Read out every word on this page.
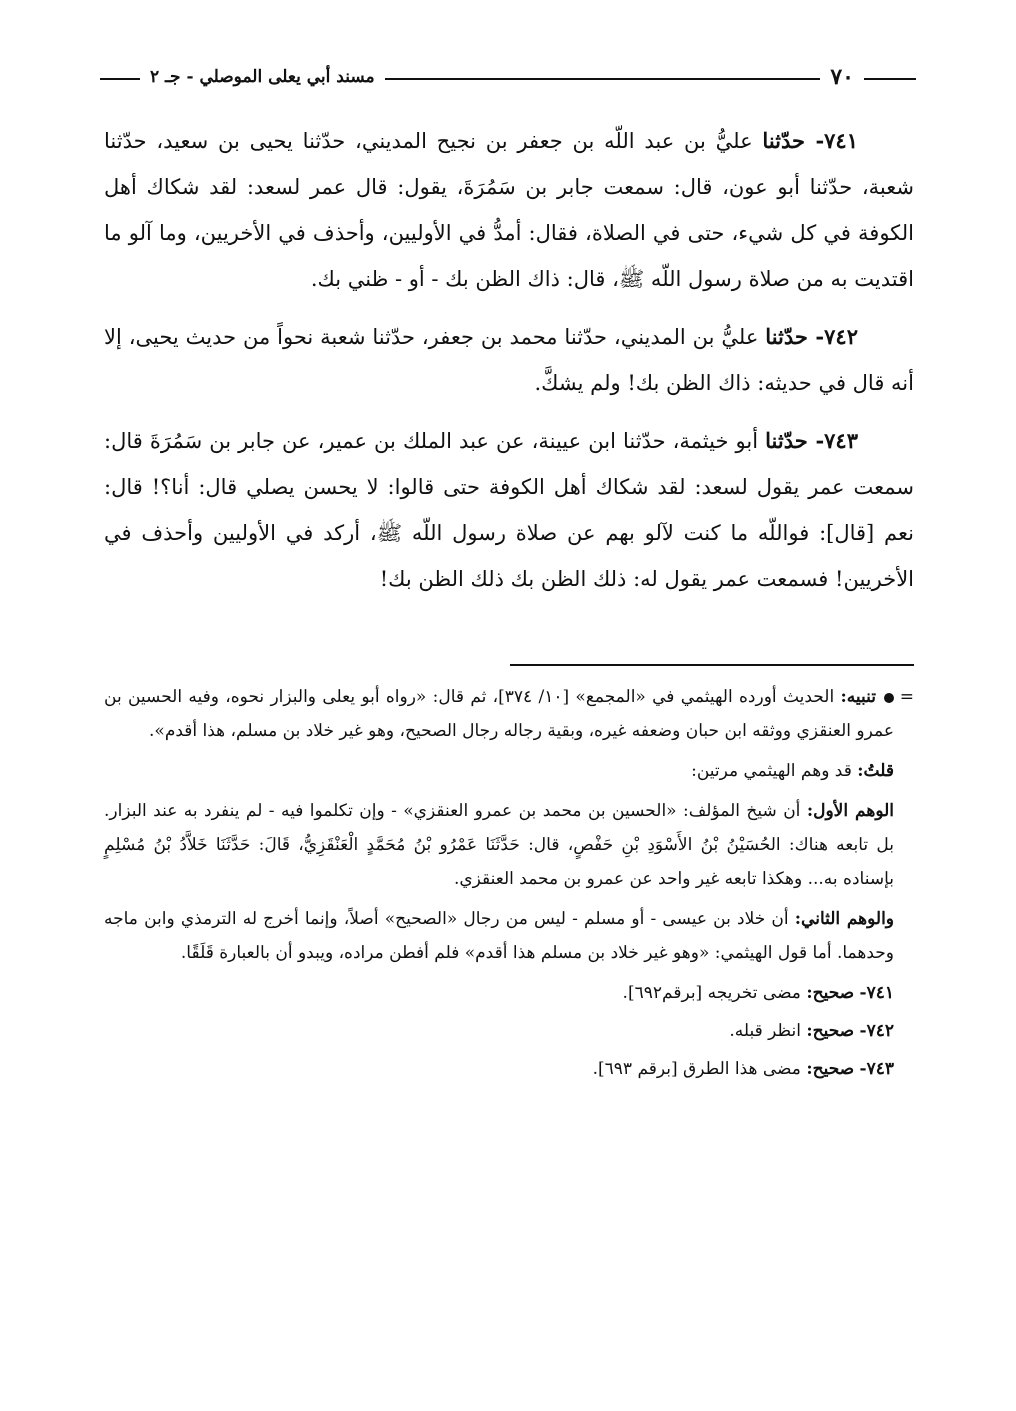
٧٠
مسند أبي يعلى الموصلي - جـ ٢

٧٤١- حدّثنا عليُّ بن عبد اللّه بن جعفر بن نجيح المديني، حدّثنا يحيى بن سعيد، حدّثنا شعبة، حدّثنا أبو عون، قال: سمعت جابر بن سَمُرَةَ، يقول: قال عمر لسعد: لقد شكاك أهل الكوفة في كل شيء، حتى في الصلاة، فقال: أمدُّ في الأوليين، وأحذف في الأخريين، وما آلو ما اقتديت به من صلاة رسول اللّه ﷺ، قال: ذاك الظن بك - أو - ظني بك.

٧٤٢- حدّثنا عليُّ بن المديني، حدّثنا محمد بن جعفر، حدّثنا شعبة نحواً من حديث يحيى، إلا أنه قال في حديثه: ذاك الظن بك! ولم يشكَّ.

٧٤٣- حدّثنا أبو خيثمة، حدّثنا ابن عيينة، عن عبد الملك بن عمير، عن جابر بن سَمُرَةَ قال: سمعت عمر يقول لسعد: لقد شكاك أهل الكوفة حتى قالوا: لا يحسن يصلي قال: أنا؟! قال: نعم [قال]: فواللّه ما كنت لآلو بهم عن صلاة رسول اللّه ﷺ، أركد في الأوليين وأحذف في الأخريين! فسمعت عمر يقول له: ذلك الظن بك ذلك الظن بك!

=
تنبيه: الحديث أورده الهيثمي في «المجمع» [١٠/ ٣٧٤]، ثم قال: «رواه أبو يعلى والبزار نحوه، وفيه الحسين بن عمرو العنقزي ووثقه ابن حبان وضعفه غيره، وبقية رجاله رجال الصحيح، وهو غير خلاد بن مسلم، هذا أقدم».

قلتُ: قد وهم الهيثمي مرتين:

الوهم الأول: أن شيخ المؤلف: «الحسين بن محمد بن عمرو العنقزي» - وإن تكلموا فيه - لم ينفرد به عند البزار. بل تابعه هناك: الحُسَيْنُ بْنُ الأَسْوَدِ بْنِ حَفْصٍ، قال: حَدَّثَنَا عَمْرُو بْنُ مُحَمَّدٍ الْعَنْقَزِيُّ، قَالَ: حَدَّثَنَا خَلاَّدُ بْنُ مُسْلِمٍ بإسناده به... وهكذا تابعه غير واحد عن عمرو بن محمد العنقزي.

والوهم الثاني: أن خلاد بن عيسى - أو مسلم - ليس من رجال «الصحيح» أصلاً، وإنما أخرج له الترمذي وابن ماجه وحدهما. أما قول الهيثمي: «وهو غير خلاد بن مسلم هذا أقدم» فلم أفطن مراده، ويبدو أن بالعبارة قَلَقًا.

٧٤١- صحيح: مضى تخريجه [برقم٦٩٢].

٧٤٢- صحيح: انظر قبله.

٧٤٣- صحيح: مضى هذا الطرق [برقم ٦٩٣].
